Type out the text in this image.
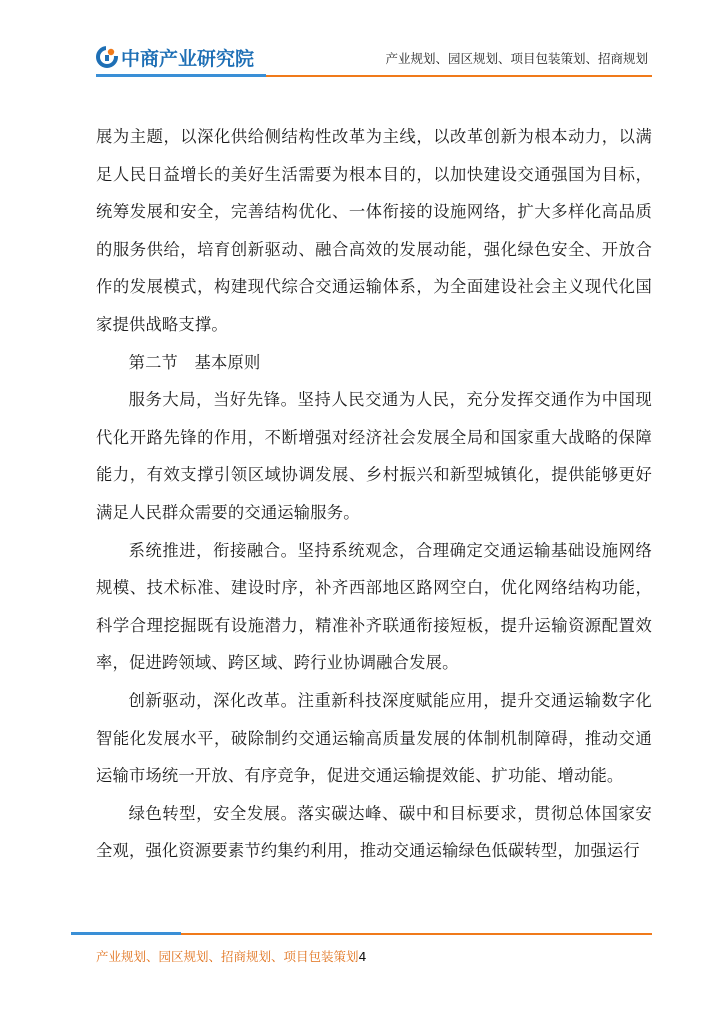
中商产业研究院	产业规划、园区规划、项目包装策划、招商规划

展为主题，以深化供给侧结构性改革为主线，以改革创新为根本动力，以满足人民日益增长的美好生活需要为根本目的，以加快建设交通强国为目标，统筹发展和安全，完善结构优化、一体衔接的设施网络，扩大多样化高品质的服务供给，培育创新驱动、融合高效的发展动能，强化绿色安全、开放合作的发展模式，构建现代综合交通运输体系，为全面建设社会主义现代化国家提供战略支撑。

第二节　基本原则

服务大局，当好先锋。坚持人民交通为人民，充分发挥交通作为中国现代化开路先锋的作用，不断增强对经济社会发展全局和国家重大战略的保障能力，有效支撑引领区域协调发展、乡村振兴和新型城镇化，提供能够更好满足人民群众需要的交通运输服务。

系统推进，衔接融合。坚持系统观念，合理确定交通运输基础设施网络规模、技术标准、建设时序，补齐西部地区路网空白，优化网络结构功能，科学合理挖掘既有设施潜力，精准补齐联通衔接短板，提升运输资源配置效率，促进跨领域、跨区域、跨行业协调融合发展。

创新驱动，深化改革。注重新科技深度赋能应用，提升交通运输数字化智能化发展水平，破除制约交通运输高质量发展的体制机制障碍，推动交通运输市场统一开放、有序竞争，促进交通运输提效能、扩功能、增动能。

绿色转型，安全发展。落实碳达峰、碳中和目标要求，贯彻总体国家安全观，强化资源要素节约集约利用，推动交通运输绿色低碳转型，加强运行

产业规划、园区规划、招商规划、项目包装策划4
